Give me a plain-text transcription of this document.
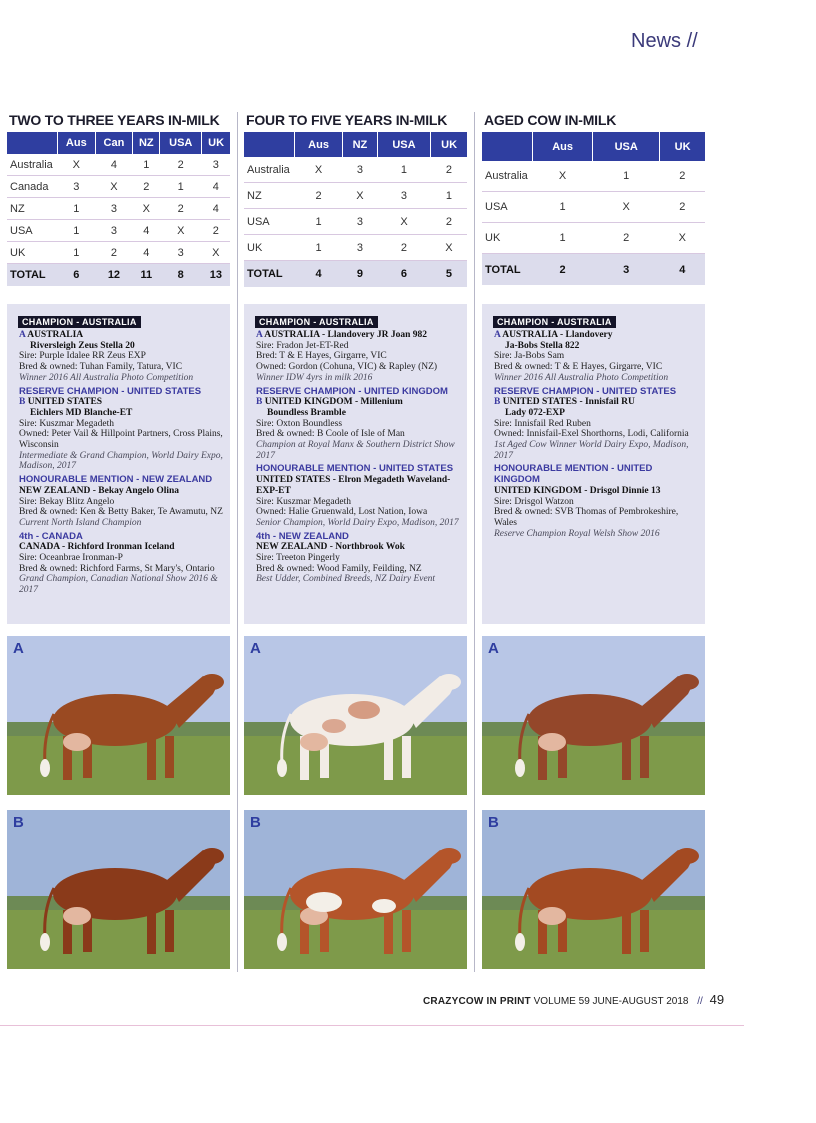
News //
TWO TO THREE YEARS IN-MILK
	Aus	Can	NZ	USA	UK
Australia	X	4	1	2	3
Canada	3	X	2	1	4
NZ	1	3	X	2	4
USA	1	3	4	X	2
UK	1	2	4	3	X
TOTAL	6	12	11	8	13
FOUR TO FIVE YEARS IN-MILK
	Aus	NZ	USA	UK
Australia	X	3	1	2
NZ	2	X	3	1
USA	1	3	X	2
UK	1	3	2	X
TOTAL	4	9	6	5
AGED COW IN-MILK
	Aus	USA	UK
Australia	X	1	2
USA	1	X	2
UK	1	2	X
TOTAL	2	3	4
CHAMPION - AUSTRALIA
A AUSTRALIA
Riversleigh Zeus Stella 20
Sire: Purple Idalee RR Zeus EXP
Bred & owned: Tuhan Family, Tatura, VIC
Winner 2016 All Australia Photo Competition
RESERVE CHAMPION - UNITED STATES
B UNITED STATES
Eichlers MD Blanche-ET
Sire: Kuszmar Megadeth
Owned: Peter Vail & Hillpoint Partners, Cross Plains, Wisconsin
Intermediate & Grand Champion, World Dairy Expo, Madison, 2017
HONOURABLE MENTION - NEW ZEALAND
NEW ZEALAND - Bekay Angelo Olina
Sire: Bekay Blitz Angelo
Bred & owned: Ken & Betty Baker, Te Awamutu, NZ
Current North Island Champion
4th - CANADA
CANADA - Richford Ironman Iceland
Sire: Oceanbrae Ironman-P
Bred & owned: Richford Farms, St Mary's, Ontario
Grand Champion, Canadian National Show 2016 & 2017
CHAMPION - AUSTRALIA
A AUSTRALIA - Llandovery JR Joan 982
Sire: Fradon Jet-ET-Red
Bred: T & E Hayes, Girgarre, VIC
Owned: Gordon (Cohuna, VIC) & Rapley (NZ)
Winner IDW 4yrs in milk 2016
RESERVE CHAMPION - UNITED KINGDOM
B UNITED KINGDOM - Millenium
Boundless Bramble
Sire: Oxton Boundless
Bred & owned: B Coole of Isle of Man
Champion at Royal Manx & Southern District Show 2017
HONOURABLE MENTION - UNITED STATES
UNITED STATES - Elron Megadeth Waveland-EXP-ET
Sire: Kuszmar Megadeth
Owned: Halie Gruenwald, Lost Nation, Iowa
Senior Champion, World Dairy Expo, Madison, 2017
4th - NEW ZEALAND
NEW ZEALAND - Northbrook Wok
Sire: Treeton Pingerly
Bred & owned: Wood Family, Feilding, NZ
Best Udder, Combined Breeds, NZ Dairy Event
CHAMPION - AUSTRALIA
A AUSTRALIA - Llandovery
Ja-Bobs Stella 822
Sire: Ja-Bobs Sam
Bred & owned: T & E Hayes, Girgarre, VIC
Winner 2016 All Australia Photo Competition
RESERVE CHAMPION - UNITED STATES
B UNITED STATES - Innisfail RU
Lady 072-EXP
Sire: Innisfail Red Ruben
Owned: Innisfail-Exel Shorthorns, Lodi, California
1st Aged Cow Winner World Dairy Expo, Madison, 2017
HONOURABLE MENTION - UNITED KINGDOM
UNITED KINGDOM - Drisgol Dinnie 13
Sire: Drisgol Watzon
Bred & owned: SVB Thomas of Pembrokeshire, Wales
Reserve Champion Royal Welsh Show 2016
A	A	A
B	B	B
CRAZYCOW IN PRINT VOLUME 59 JUNE-AUGUST 2018 // 49
